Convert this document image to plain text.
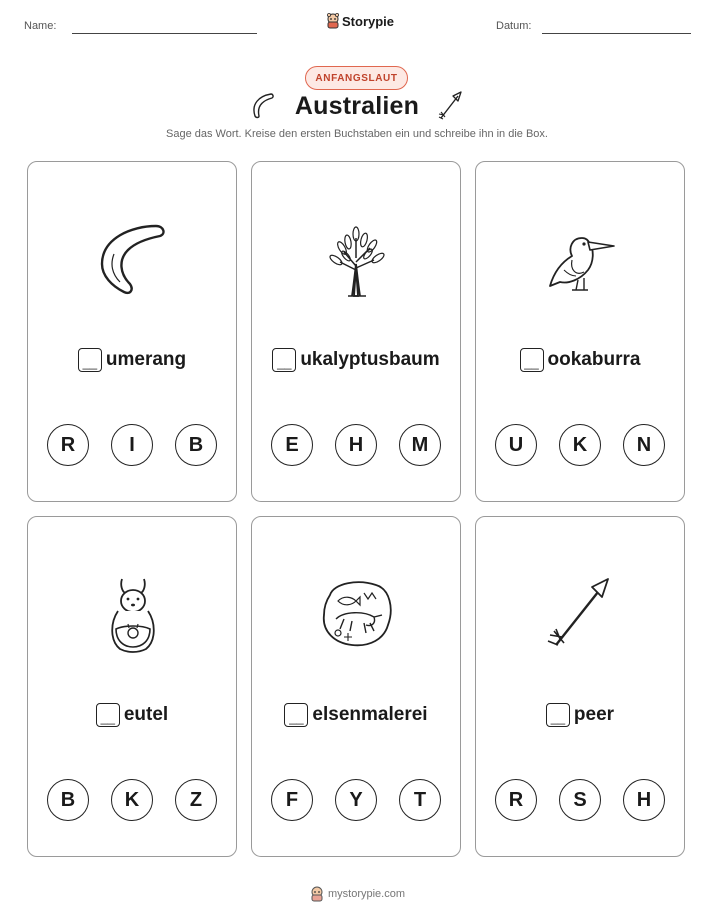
Name:	Storypie	Datum:
ANFANGSLAUT
Australien
Sage das Wort. Kreise den ersten Buchstaben ein und schreibe ihn in die Box.
__ umerang
R	I	B
__ ukalyptusbaum
E	H	M
__ ookaburra
U	K	N
__ eutel
B	K	Z
__ elsenmalerei
F	Y	T
__ peer
R	S	H
mystorypie.com
